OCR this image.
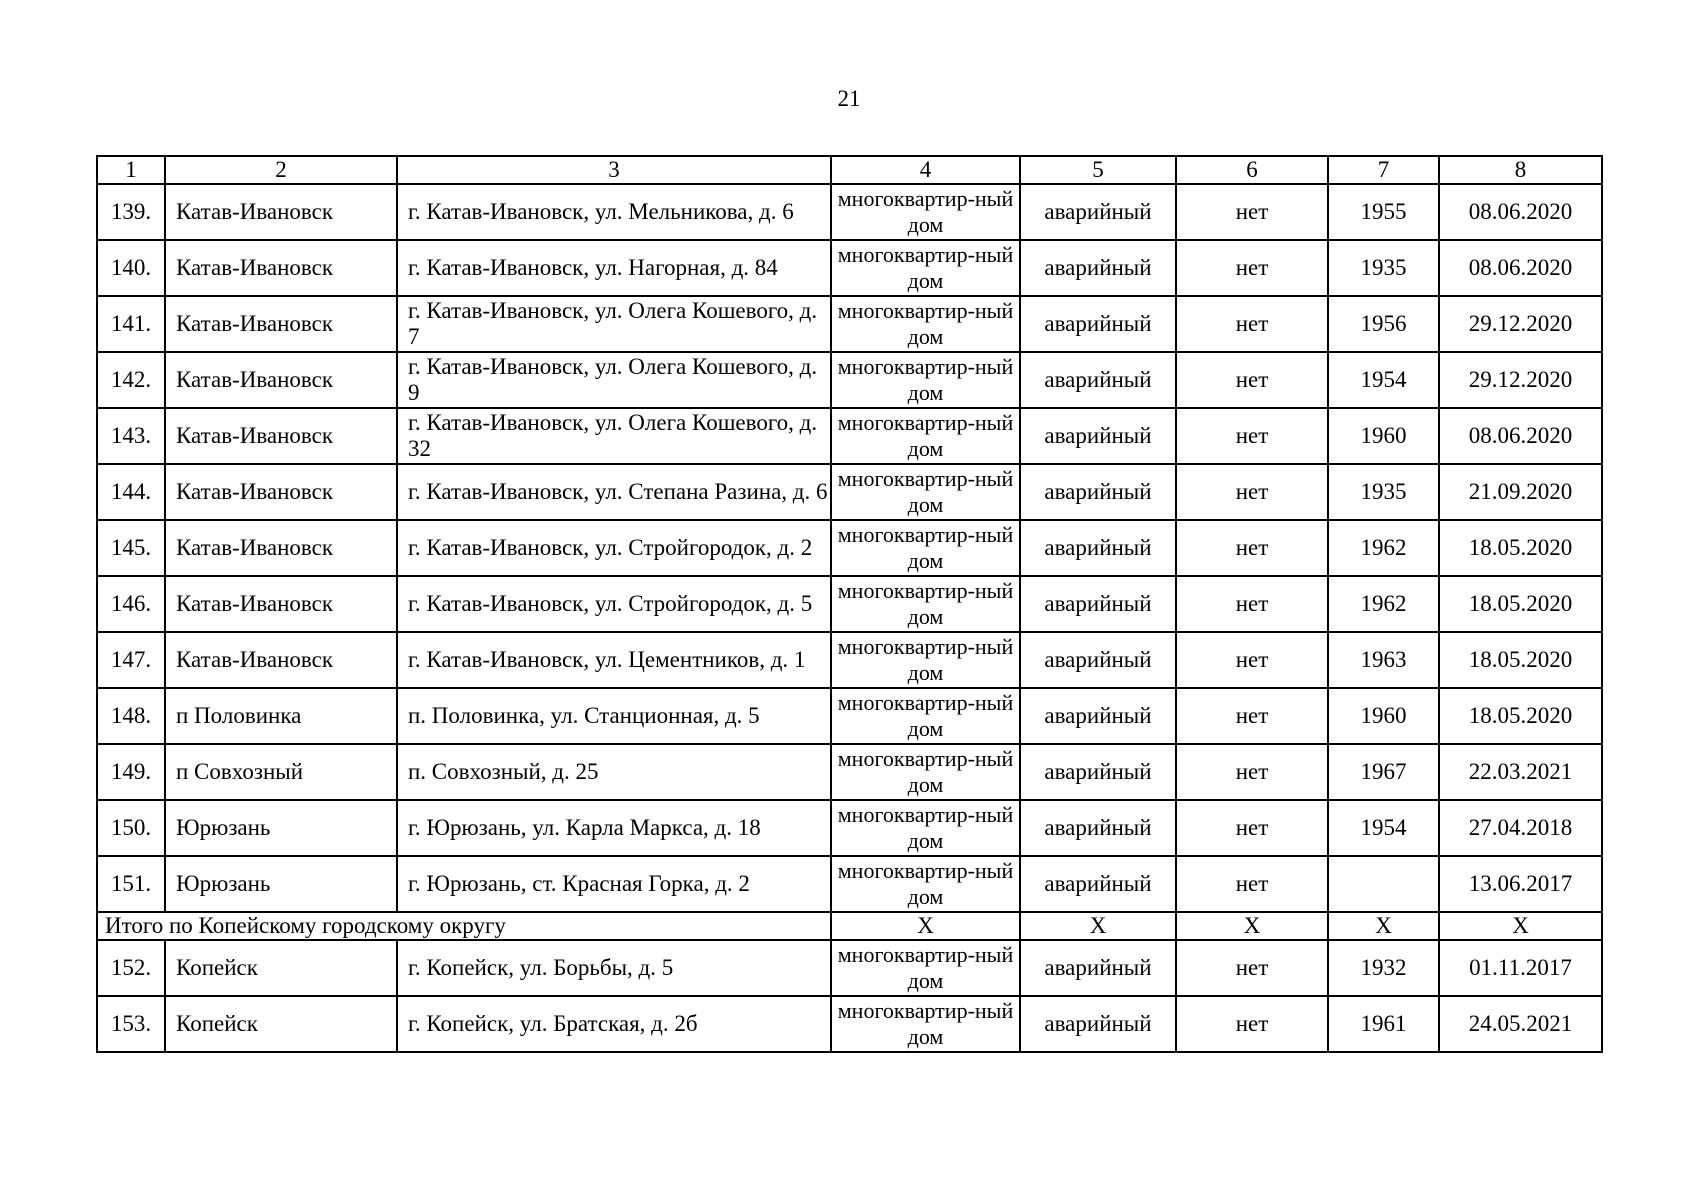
21
1	2	3	4	5	6	7	8
139.	Катав-Ивановск	г. Катав-Ивановск, ул. Мельникова, д. 6	многоквартир-ный дом	аварийный	нет	1955	08.06.2020
140.	Катав-Ивановск	г. Катав-Ивановск, ул. Нагорная, д. 84	многоквартир-ный дом	аварийный	нет	1935	08.06.2020
141.	Катав-Ивановск	г. Катав-Ивановск, ул. Олега Кошевого, д. 7	многоквартир-ный дом	аварийный	нет	1956	29.12.2020
142.	Катав-Ивановск	г. Катав-Ивановск, ул. Олега Кошевого, д. 9	многоквартир-ный дом	аварийный	нет	1954	29.12.2020
143.	Катав-Ивановск	г. Катав-Ивановск, ул. Олега Кошевого, д. 32	многоквартир-ный дом	аварийный	нет	1960	08.06.2020
144.	Катав-Ивановск	г. Катав-Ивановск, ул. Степана Разина, д. 6	многоквартир-ный дом	аварийный	нет	1935	21.09.2020
145.	Катав-Ивановск	г. Катав-Ивановск, ул. Стройгородок, д. 2	многоквартир-ный дом	аварийный	нет	1962	18.05.2020
146.	Катав-Ивановск	г. Катав-Ивановск, ул. Стройгородок, д. 5	многоквартир-ный дом	аварийный	нет	1962	18.05.2020
147.	Катав-Ивановск	г. Катав-Ивановск, ул. Цементников, д. 1	многоквартир-ный дом	аварийный	нет	1963	18.05.2020
148.	п Половинка	п. Половинка, ул. Станционная, д. 5	многоквартир-ный дом	аварийный	нет	1960	18.05.2020
149.	п Совхозный	п. Совхозный, д. 25	многоквартир-ный дом	аварийный	нет	1967	22.03.2021
150.	Юрюзань	г. Юрюзань, ул. Карла Маркса, д. 18	многоквартир-ный дом	аварийный	нет	1954	27.04.2018
151.	Юрюзань	г. Юрюзань, ст. Красная Горка, д. 2	многоквартир-ный дом	аварийный	нет		13.06.2017
Итого по Копейскому городскому округу			X	X	X	X	X
152.	Копейск	г. Копейск, ул. Борьбы, д. 5	многоквартир-ный дом	аварийный	нет	1932	01.11.2017
153.	Копейск	г. Копейск, ул. Братская, д. 2б	многоквартир-ный дом	аварийный	нет	1961	24.05.2021
